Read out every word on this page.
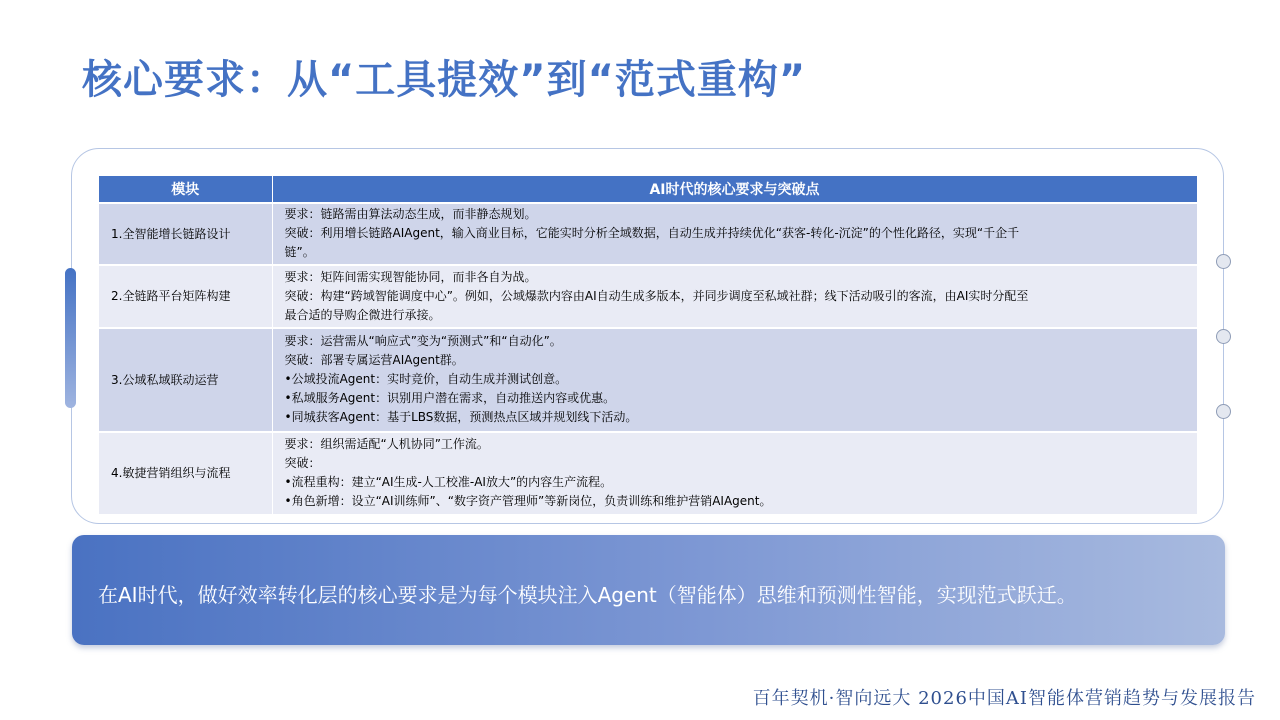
核心要求：从“工具提效”到“范式重构”
模块	AI时代的核心要求与突破点
1.全智能增长链路设计	要求：链路需由算法动态生成，而非静态规划。
突破：利用增长链路AIAgent，输入商业目标，它能实时分析全域数据，自动生成并持续优化“获客-转化-沉淀”的个性化路径，实现“千企千
链”。

2.全链路平台矩阵构建	要求：矩阵间需实现智能协同，而非各自为战。
突破：构建“跨域智能调度中心”。例如，公域爆款内容由AI自动生成多版本，并同步调度至私域社群；线下活动吸引的客流，由AI实时分配至
最合适的导购企微进行承接。

3.公域私域联动运营	要求：运营需从“响应式”变为“预测式”和“自动化”。
突破：部署专属运营AIAgent群。
•公域投流Agent：实时竞价，自动生成并测试创意。
•私域服务Agent：识别用户潜在需求，自动推送内容或优惠。
•同城获客Agent：基于LBS数据，预测热点区域并规划线下活动。

4.敏捷营销组织与流程	要求：组织需适配“人机协同”工作流。
突破：
•流程重构：建立“AI生成-人工校准-AI放大”的内容生产流程。
•角色新增：设立“AI训练师”、“数字资产管理师”等新岗位，负责训练和维护营销AIAgent。
在AI时代，做好效率转化层的核心要求是为每个模块注入Agent（智能体）思维和预测性智能，实现范式跃迁。
百年契机·智向远大 2026中国AI智能体营销趋势与发展报告
